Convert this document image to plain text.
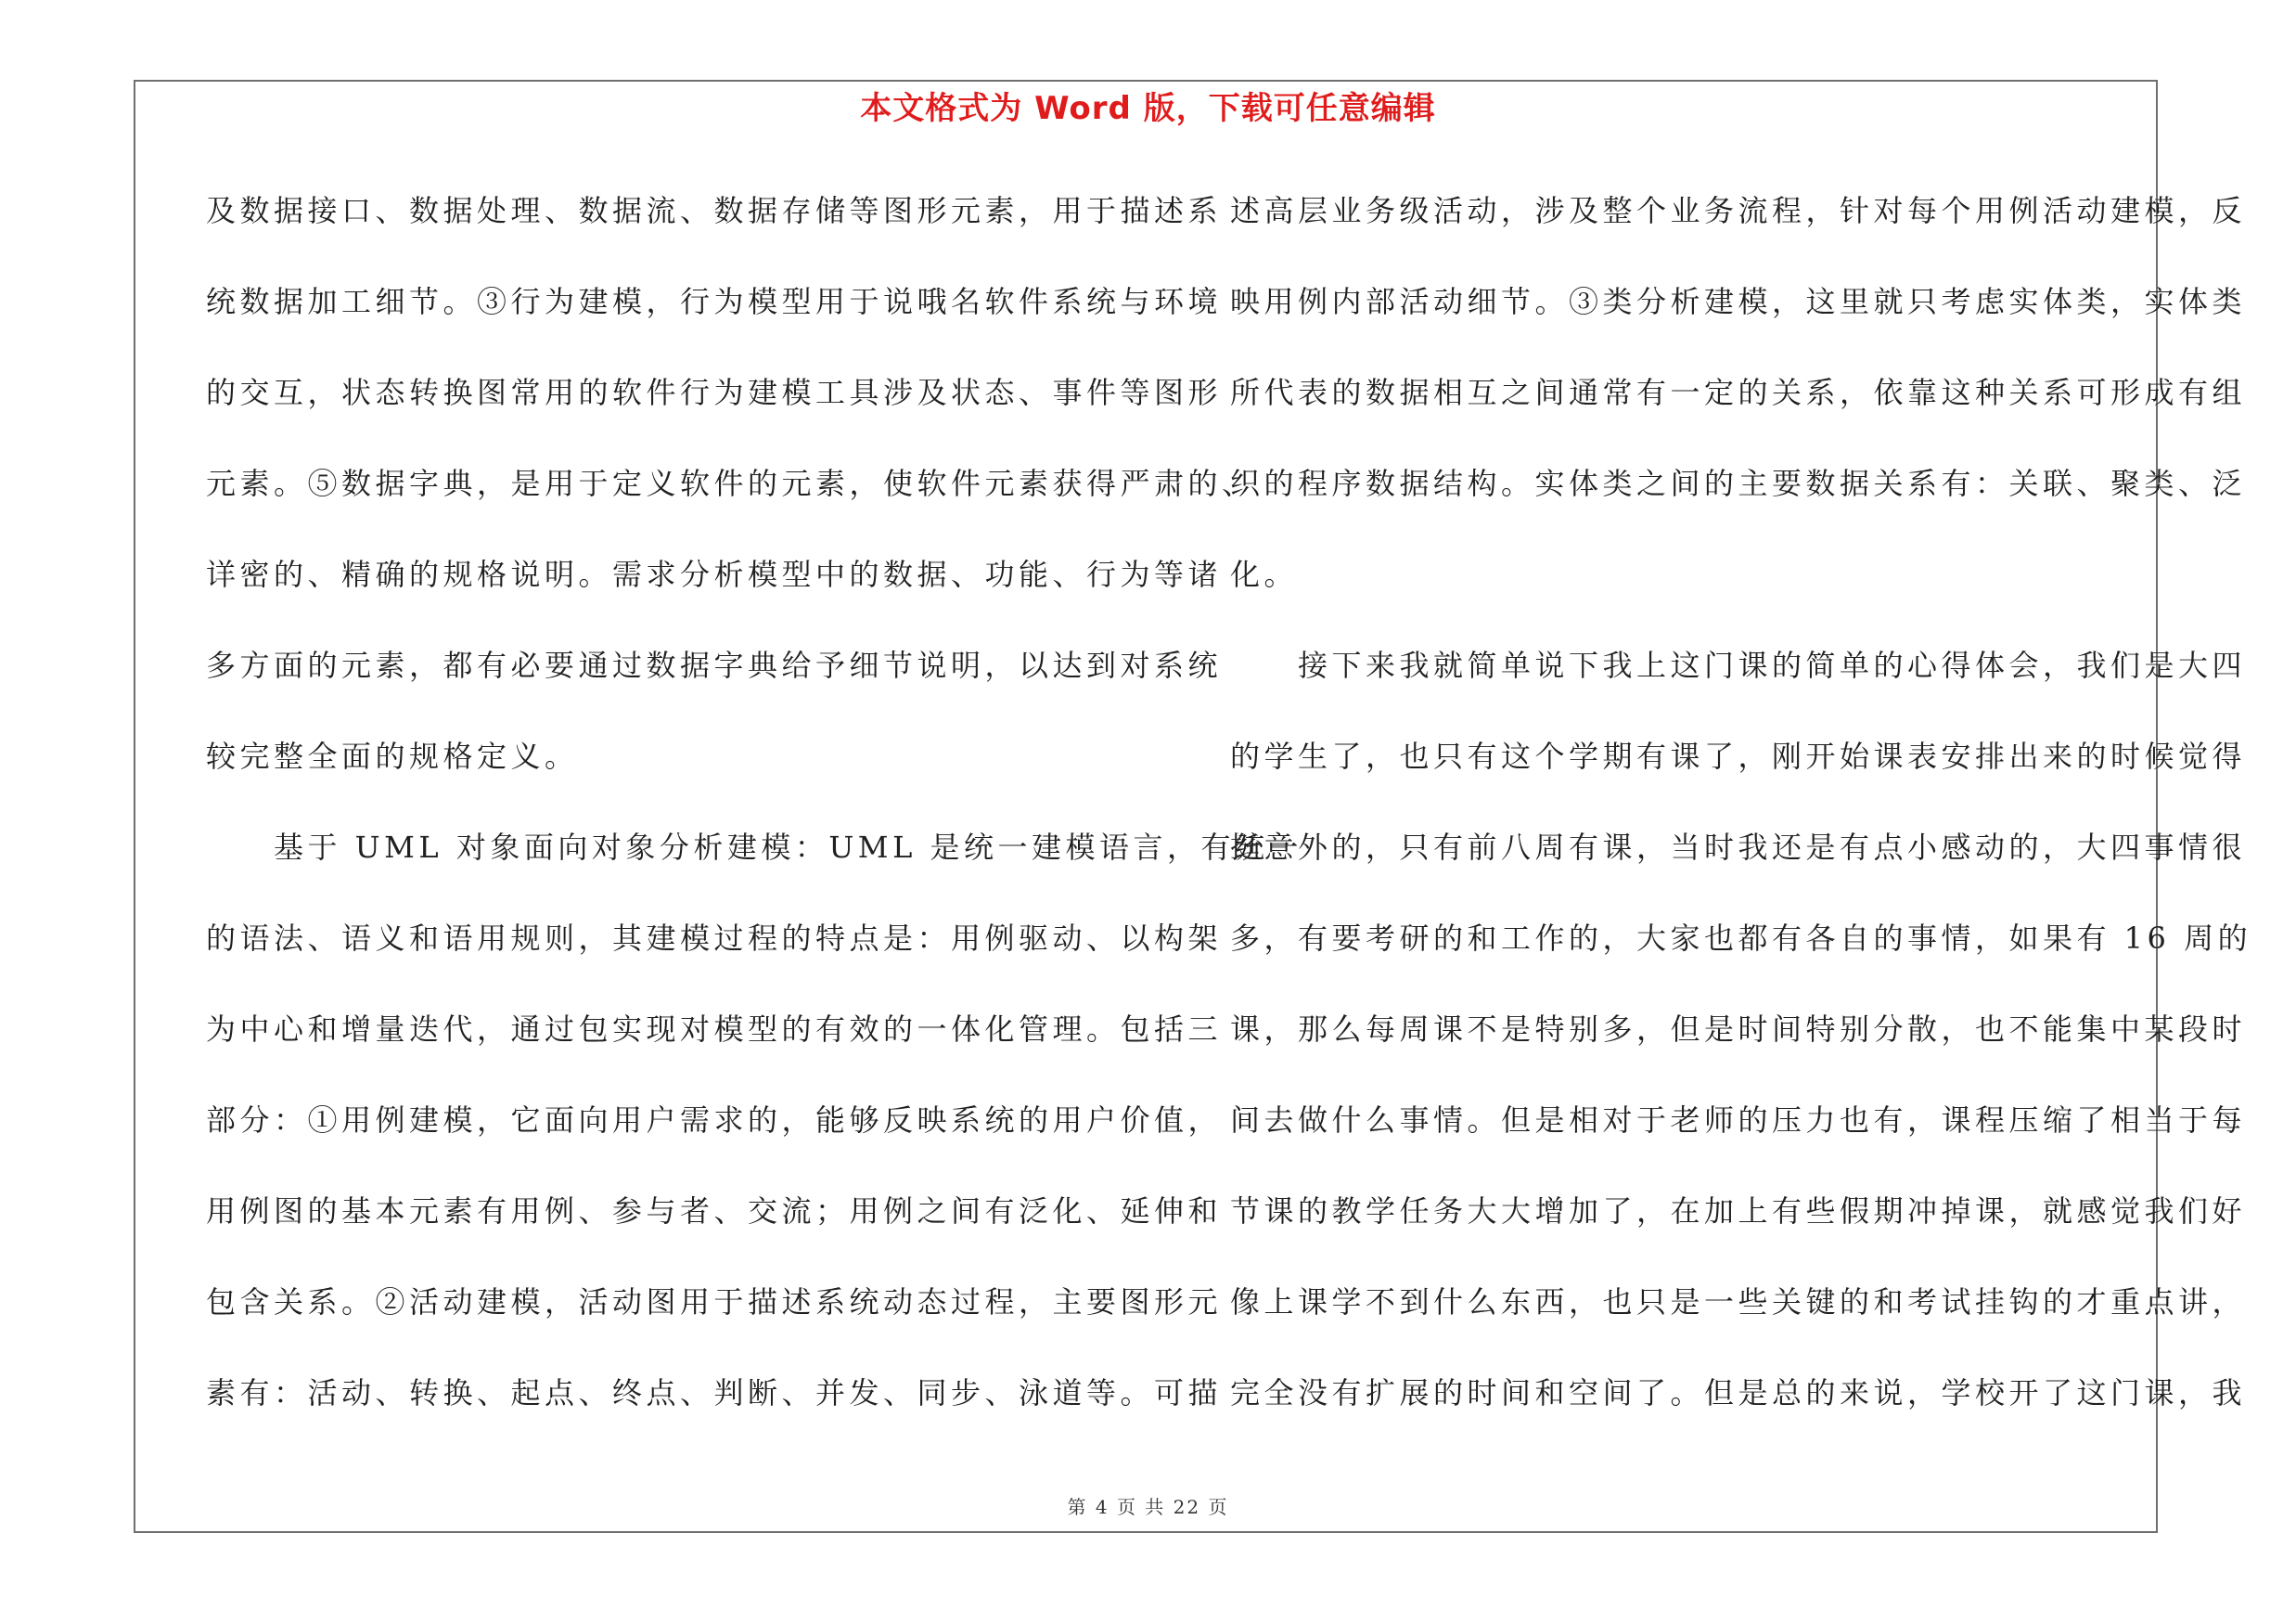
本文格式为 Word 版，下载可任意编辑
及数据接口、数据处理、数据流、数据存储等图形元素，用于描述系
统数据加工细节。③行为建模，行为模型用于说哦名软件系统与环境
的交互，状态转换图常用的软件行为建模工具涉及状态、事件等图形
元素。⑤数据字典，是用于定义软件的元素，使软件元素获得严肃的、
详密的、精确的规格说明。需求分析模型中的数据、功能、行为等诸
多方面的元素，都有必要通过数据字典给予细节说明，以达到对系统
较完整全面的规格定义。
　　基于 UML 对象面向对象分析建模：UML 是统一建模语言，有统一
的语法、语义和语用规则，其建模过程的特点是：用例驱动、以构架
为中心和增量迭代，通过包实现对模型的有效的一体化管理。包括三
部分：①用例建模，它面向用户需求的，能够反映系统的用户价值，
用例图的基本元素有用例、参与者、交流；用例之间有泛化、延伸和
包含关系。②活动建模，活动图用于描述系统动态过程，主要图形元
素有：活动、转换、起点、终点、判断、并发、同步、泳道等。可描
述高层业务级活动，涉及整个业务流程，针对每个用例活动建模，反
映用例内部活动细节。③类分析建模，这里就只考虑实体类，实体类
所代表的数据相互之间通常有一定的关系，依靠这种关系可形成有组
织的程序数据结构。实体类之间的主要数据关系有：关联、聚类、泛
化。
　　接下来我就简单说下我上这门课的简单的心得体会，我们是大四
的学生了，也只有这个学期有课了，刚开始课表安排出来的时候觉得
挺意外的，只有前八周有课，当时我还是有点小感动的，大四事情很
多，有要考研的和工作的，大家也都有各自的事情，如果有 16 周的
课，那么每周课不是特别多，但是时间特别分散，也不能集中某段时
间去做什么事情。但是相对于老师的压力也有，课程压缩了相当于每
节课的教学任务大大增加了，在加上有些假期冲掉课，就感觉我们好
像上课学不到什么东西，也只是一些关键的和考试挂钩的才重点讲，
完全没有扩展的时间和空间了。但是总的来说，学校开了这门课，我
第 4 页 共 22 页
